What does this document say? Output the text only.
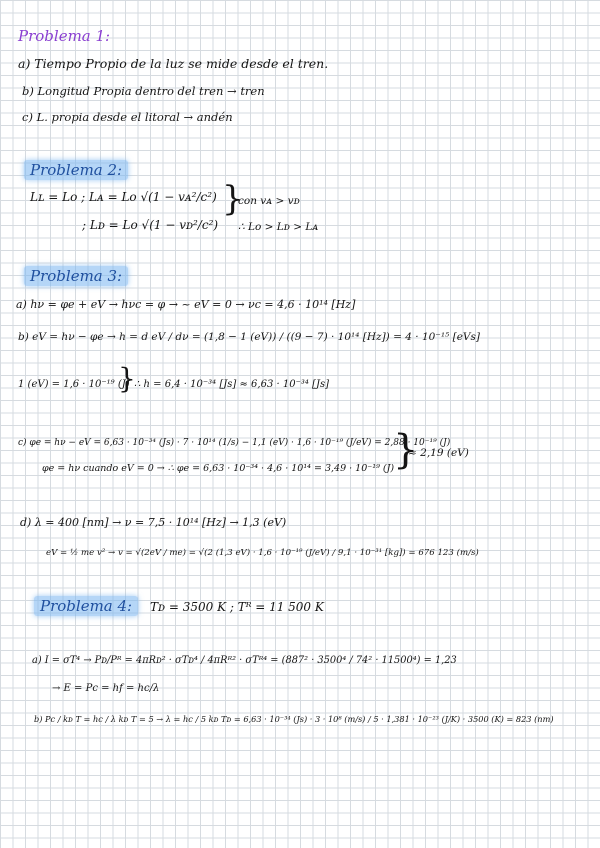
Problema 1:
a) Tiempo Propio de la luz se mide desde el tren.
b) Longitud Propia dentro del tren → tren
c) L. propia desde el litoral → andén
Problema 2:
Lʟ = Lo ; Lᴀ = Lo √(1 − vᴀ²/c²)
; Lᴅ = Lo √(1 − vᴅ²/c²)
}
con vᴀ > vᴅ
∴ Lo > Lᴅ > Lᴀ
Problema 3:
a) hν = φe + eV → hνc = φ → ~ eV = 0 → νc = 4,6 · 10¹⁴ [Hz]
b) eV = hν − φe → h = d eV / dν = (1,8 − 1 (eV)) / ((9 − 7) · 10¹⁴ [Hz]) = 4 · 10⁻¹⁵ [eVs]
1 (eV) = 1,6 · 10⁻¹⁹ (J)
}
∴ h = 6,4 · 10⁻³⁴ [Js] ≈ 6,63 · 10⁻³⁴ [Js]
c) φe = hν − eV = 6,63 · 10⁻³⁴ (Js) · 7 · 10¹⁴ (1/s) − 1,1 (eV) · 1,6 · 10⁻¹⁹ (J/eV) = 2,88 · 10⁻¹⁹ (J)
φe = hν cuando eV = 0 → ∴ φe = 6,63 · 10⁻³⁴ · 4,6 · 10¹⁴ = 3,49 · 10⁻¹⁹ (J)
}
≈ 2,19 (eV)
d) λ = 400 [nm] → ν = 7,5 · 10¹⁴ [Hz] → 1,3 (eV)
eV = ½ me v² → v = √(2eV / me) = √(2 (1,3 eV) · 1,6 · 10⁻¹⁹ (J/eV) / 9,1 · 10⁻³¹ [kg]) = 676 123 (m/s)
Problema 4:	Tᴅ = 3500 K ; Tᴿ = 11 500 K
a) I = σT⁴ → Pᴅ/Pᴿ = 4πRᴅ² · σTᴅ⁴ / 4πRᴿ² · σTᴿ⁴ = (887² · 3500⁴ / 74² · 11500⁴) = 1,23
→ E = Pc = hf = hc/λ
b) Pc / kᴅ T = hc / λ kᴅ T = 5 → λ = hc / 5 kᴅ Tᴅ = 6,63 · 10⁻³⁴ (Js) · 3 · 10⁸ (m/s) / 5 · 1,381 · 10⁻²³ (J/K) · 3500 (K) = 823 (nm)
